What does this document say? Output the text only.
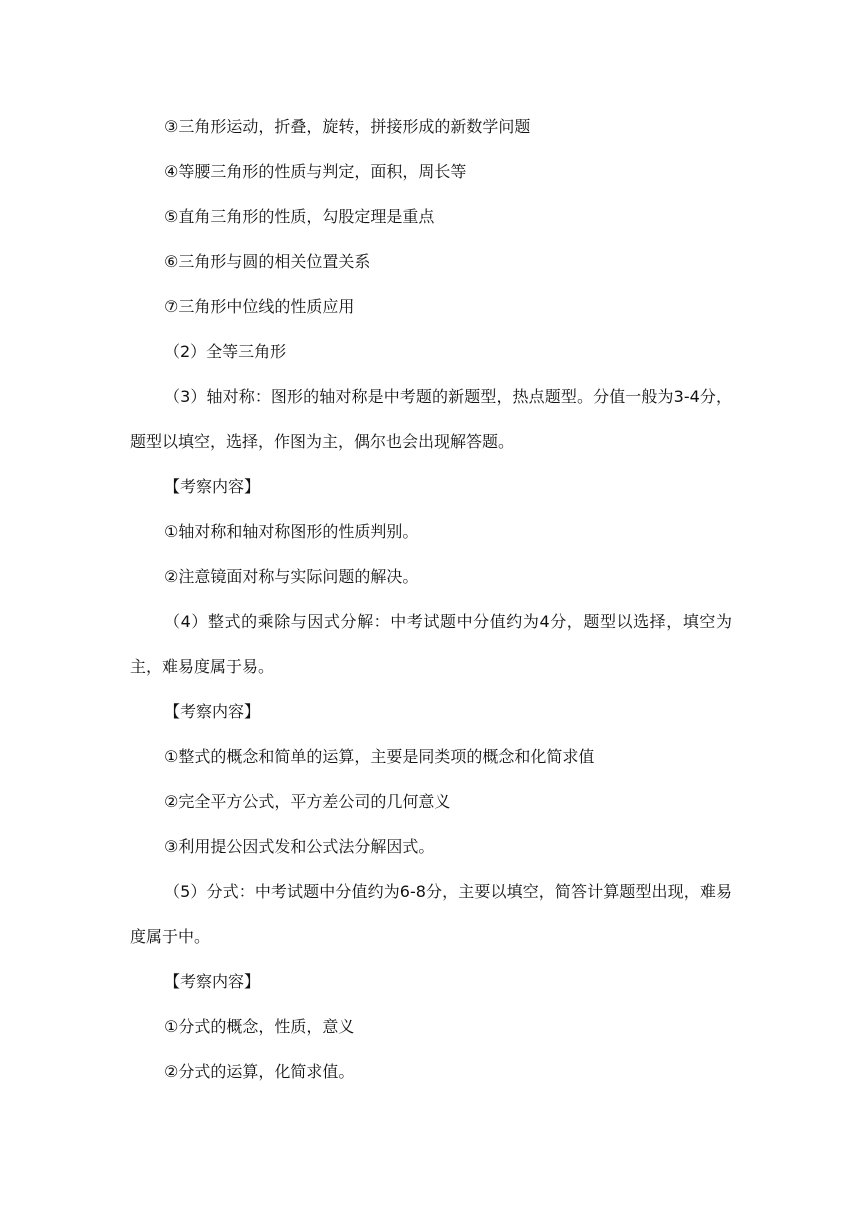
③三角形运动，折叠，旋转，拼接形成的新数学问题

④等腰三角形的性质与判定，面积，周长等

⑤直角三角形的性质，勾股定理是重点

⑥三角形与圆的相关位置关系

⑦三角形中位线的性质应用

（2）全等三角形

（3）轴对称：图形的轴对称是中考题的新题型，热点题型。分值一般为3-4分，题型以填空，选择，作图为主，偶尔也会出现解答题。

【考察内容】

①轴对称和轴对称图形的性质判别。

②注意镜面对称与实际问题的解决。

（4）整式的乘除与因式分解：中考试题中分值约为4分，题型以选择，填空为主，难易度属于易。

【考察内容】

①整式的概念和简单的运算，主要是同类项的概念和化简求值

②完全平方公式，平方差公司的几何意义

③利用提公因式发和公式法分解因式。

（5）分式：中考试题中分值约为6-8分，主要以填空，简答计算题型出现，难易度属于中。

【考察内容】

①分式的概念，性质，意义

②分式的运算，化简求值。
